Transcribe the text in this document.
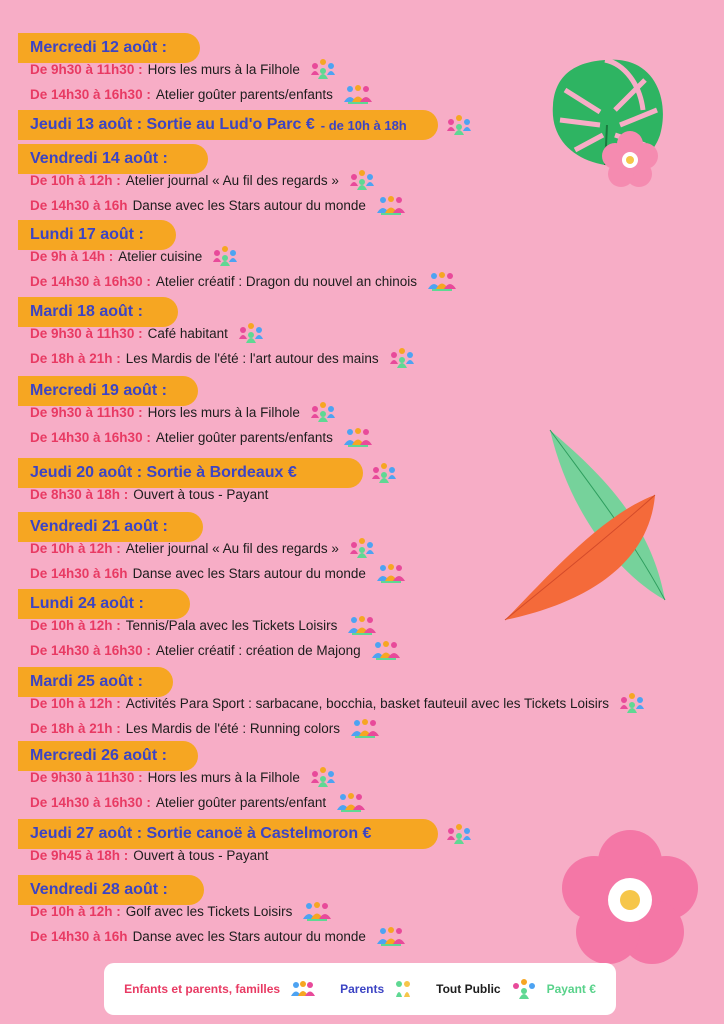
Mercredi 12 août :
De 9h30 à 11h30 : Hors les murs à la Filhole
De 14h30 à 16h30 : Atelier goûter parents/enfants
Jeudi 13 août : Sortie au Lud'o Parc € - de 10h à 18h
Vendredi 14 août :
De 10h à 12h : Atelier journal « Au fil des regards »
De 14h30 à 16h Danse avec les Stars autour du monde
Lundi 17 août :
De 9h à 14h : Atelier cuisine
De 14h30 à 16h30 : Atelier créatif : Dragon du nouvel an chinois
Mardi 18 août :
De 9h30 à 11h30 : Café habitant
De 18h à 21h : Les Mardis de l'été : l'art autour des mains
Mercredi 19 août :
De 9h30 à 11h30 : Hors les murs à la Filhole
De 14h30 à 16h30 : Atelier goûter parents/enfants
Jeudi 20 août : Sortie à Bordeaux €
De 8h30 à 18h : Ouvert à tous - Payant
Vendredi 21 août :
De 10h à 12h : Atelier journal « Au fil des regards »
De 14h30 à 16h Danse avec les Stars autour du monde
Lundi 24 août :
De 10h à 12h : Tennis/Pala avec les Tickets Loisirs
De 14h30 à 16h30 : Atelier créatif : création de Majong
Mardi 25 août :
De 10h à 12h : Activités Para Sport : sarbacane, bocchia, basket fauteuil avec les Tickets Loisirs
De 18h à 21h : Les Mardis de l'été : Running colors
Mercredi 26 août :
De 9h30 à 11h30 : Hors les murs à la Filhole
De 14h30 à 16h30 : Atelier goûter parents/enfant
Jeudi 27 août : Sortie canoë à Castelmoron €
De 9h45 à 18h : Ouvert à tous - Payant
Vendredi 28 août :
De 10h à 12h : Golf avec les Tickets Loisirs
De 14h30 à 16h Danse avec les Stars autour du monde
Enfants et parents, familles	Parents	Tout Public	Payant €
